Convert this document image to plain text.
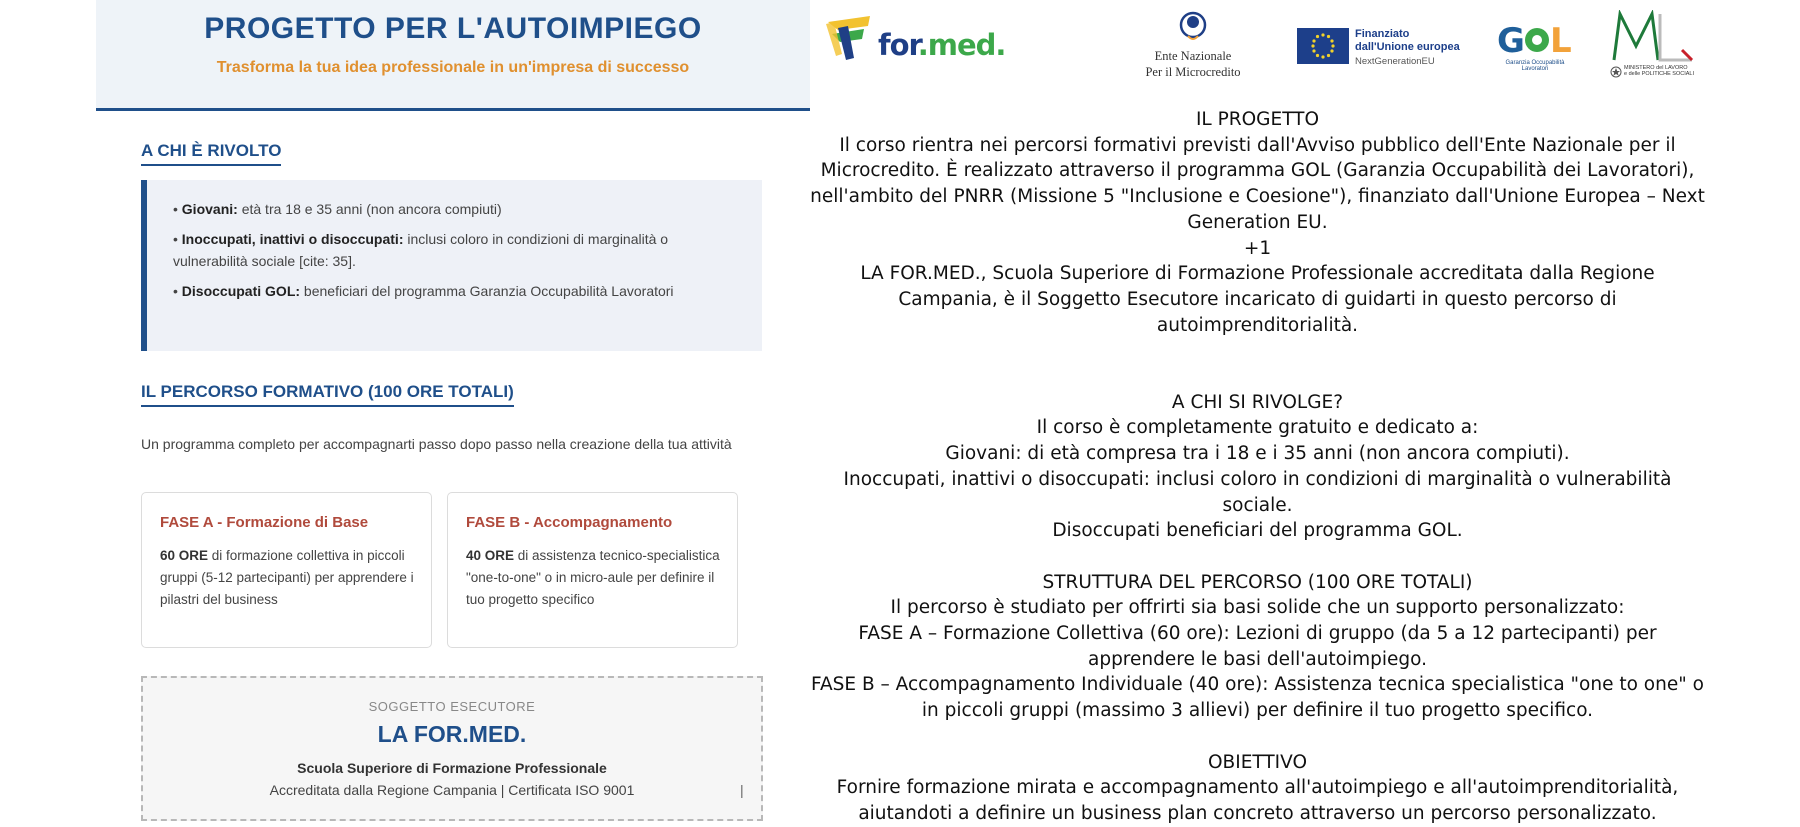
PROGETTO PER L'AUTOIMPIEGO

Trasforma la tua idea professionale in un'impresa di successo

A CHI È RIVOLTO
• Giovani: età tra 18 e 35 anni (non ancora compiuti)
• Inoccupati, inattivi o disoccupati: inclusi coloro in condizioni di marginalità o vulnerabilità sociale [cite: 35].
• Disoccupati GOL: beneficiari del programma Garanzia Occupabilità Lavoratori
IL PERCORSO FORMATIVO (100 ORE TOTALI)
Un programma completo per accompagnarti passo dopo passo nella creazione della tua attività
FASE A - Formazione di Base

60 ORE di formazione collettiva in piccoli gruppi (5-12 partecipanti) per apprendere i pilastri del business

FASE B - Accompagnamento

40 ORE di assistenza tecnico-specialistica "one-to-one" o in micro-aule per definire il tuo progetto specifico

SOGGETTO ESECUTORE
LA FOR.MED.
Scuola Superiore di Formazione Professionale
Accreditata dalla Regione Campania | Certificata ISO 9001	|
for.med.	Ente Nazionale
Per il Microcredito
Finanziato
dall'Unione europea
NextGenerationEU
G L
Garanzia Occupabilità Lavoratori	MINISTERO del LAVORO
e delle POLITICHE SOCIALI
IL PROGETTO
Il corso rientra nei percorsi formativi previsti dall'Avviso pubblico dell'Ente Nazionale per il
Microcredito. È realizzato attraverso il programma GOL (Garanzia Occupabilità dei Lavoratori),
nell'ambito del PNRR (Missione 5 "Inclusione e Coesione"), finanziato dall'Unione Europea – Next
Generation EU.
+1
LA FOR.MED., Scuola Superiore di Formazione Professionale accreditata dalla Regione
Campania, è il Soggetto Esecutore incaricato di guidarti in questo percorso di
autoimprenditorialità.

A CHI SI RIVOLGE?
Il corso è completamente gratuito e dedicato a:
Giovani: di età compresa tra i 18 e i 35 anni (non ancora compiuti).
Inoccupati, inattivi o disoccupati: inclusi coloro in condizioni di marginalità o vulnerabilità
sociale.
Disoccupati beneficiari del programma GOL.

STRUTTURA DEL PERCORSO (100 ORE TOTALI)
Il percorso è studiato per offrirti sia basi solide che un supporto personalizzato:
FASE A – Formazione Collettiva (60 ore): Lezioni di gruppo (da 5 a 12 partecipanti) per
apprendere le basi dell'autoimpiego.
FASE B – Accompagnamento Individuale (40 ore): Assistenza tecnica specialistica "one to one" o
in piccoli gruppi (massimo 3 allievi) per definire il tuo progetto specifico.

OBIETTIVO
Fornire formazione mirata e accompagnamento all'autoimpiego e all'autoimprenditorialità,
aiutandoti a definire un business plan concreto attraverso un percorso personalizzato.
